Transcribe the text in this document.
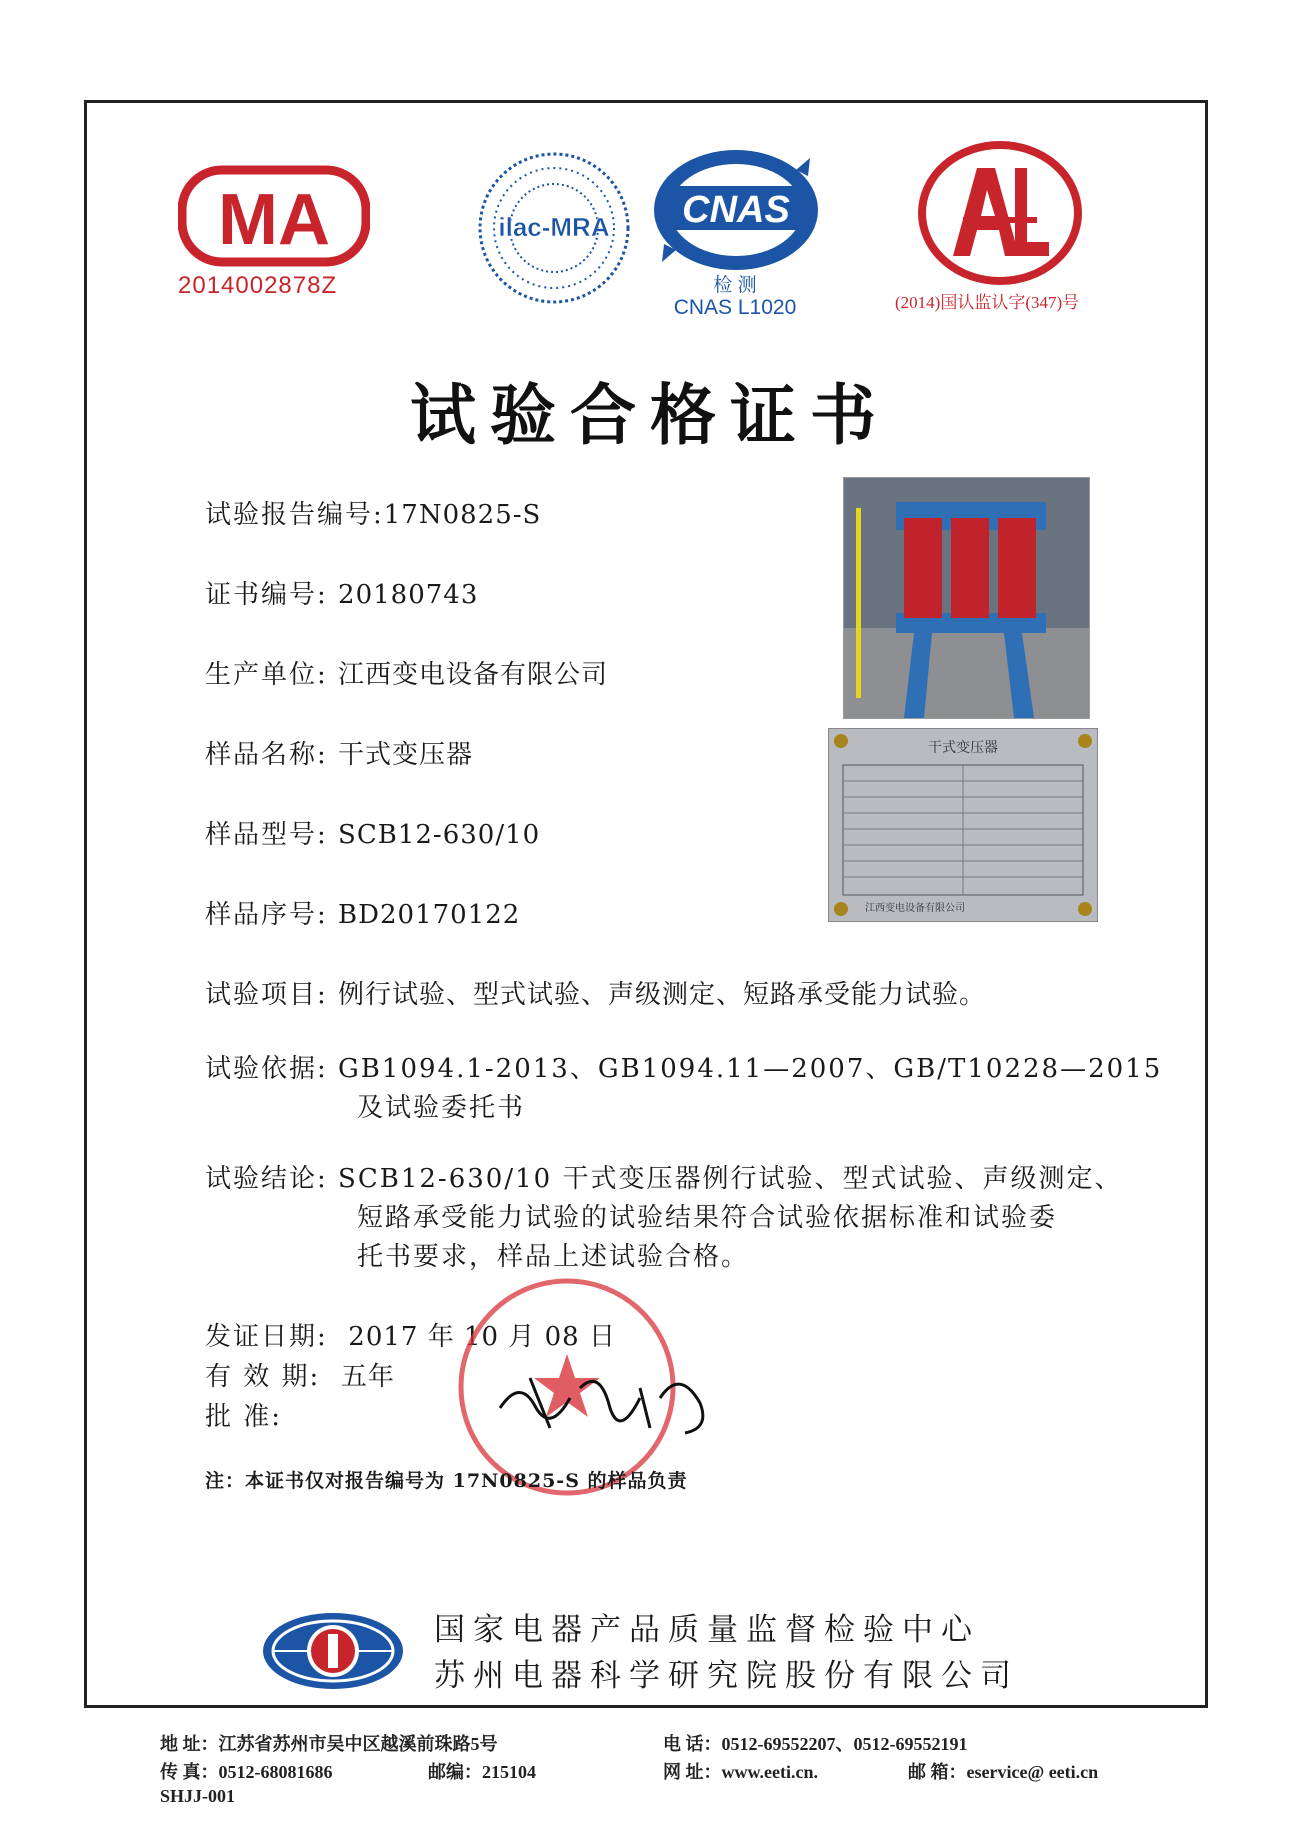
MA
2014002878Z
ilac-MRA CNAS
检 测
CNAS L1020	(2014)国认监认字(347)号
试验合格证书
试验报告编号:17N0825-S
证书编号: 20180743
生产单位: 江西变电设备有限公司
样品名称: 干式变压器
样品型号: SCB12-630/10
样品序号: BD20170122
试验项目: 例行试验、型式试验、声级测定、短路承受能力试验。
试验依据: GB1094.1-2013、GB1094.11—2007、GB/T10228—2015
及试验委托书
试验结论: SCB12-630/10 干式变压器例行试验、型式试验、声级测定、
短路承受能力试验的试验结果符合试验依据标准和试验委
托书要求，样品上述试验合格。
发证日期: 2017 年 10 月 08 日
有 效 期: 五年
批 准:
干式变压器
江西变电设备有限公司
注：本证书仅对报告编号为 17N0825-S 的样品负责
国家电器产品质量监督检验中心
苏州电器科学研究院股份有限公司
地 址：江苏省苏州市吴中区越溪前珠路5号	电 话：0512-69552207、0512-69552191
传 真：0512-68081686	邮编：215104	网 址：www.eeti.cn.	邮 箱：eservice@ eeti.cn
SHJJ-001
